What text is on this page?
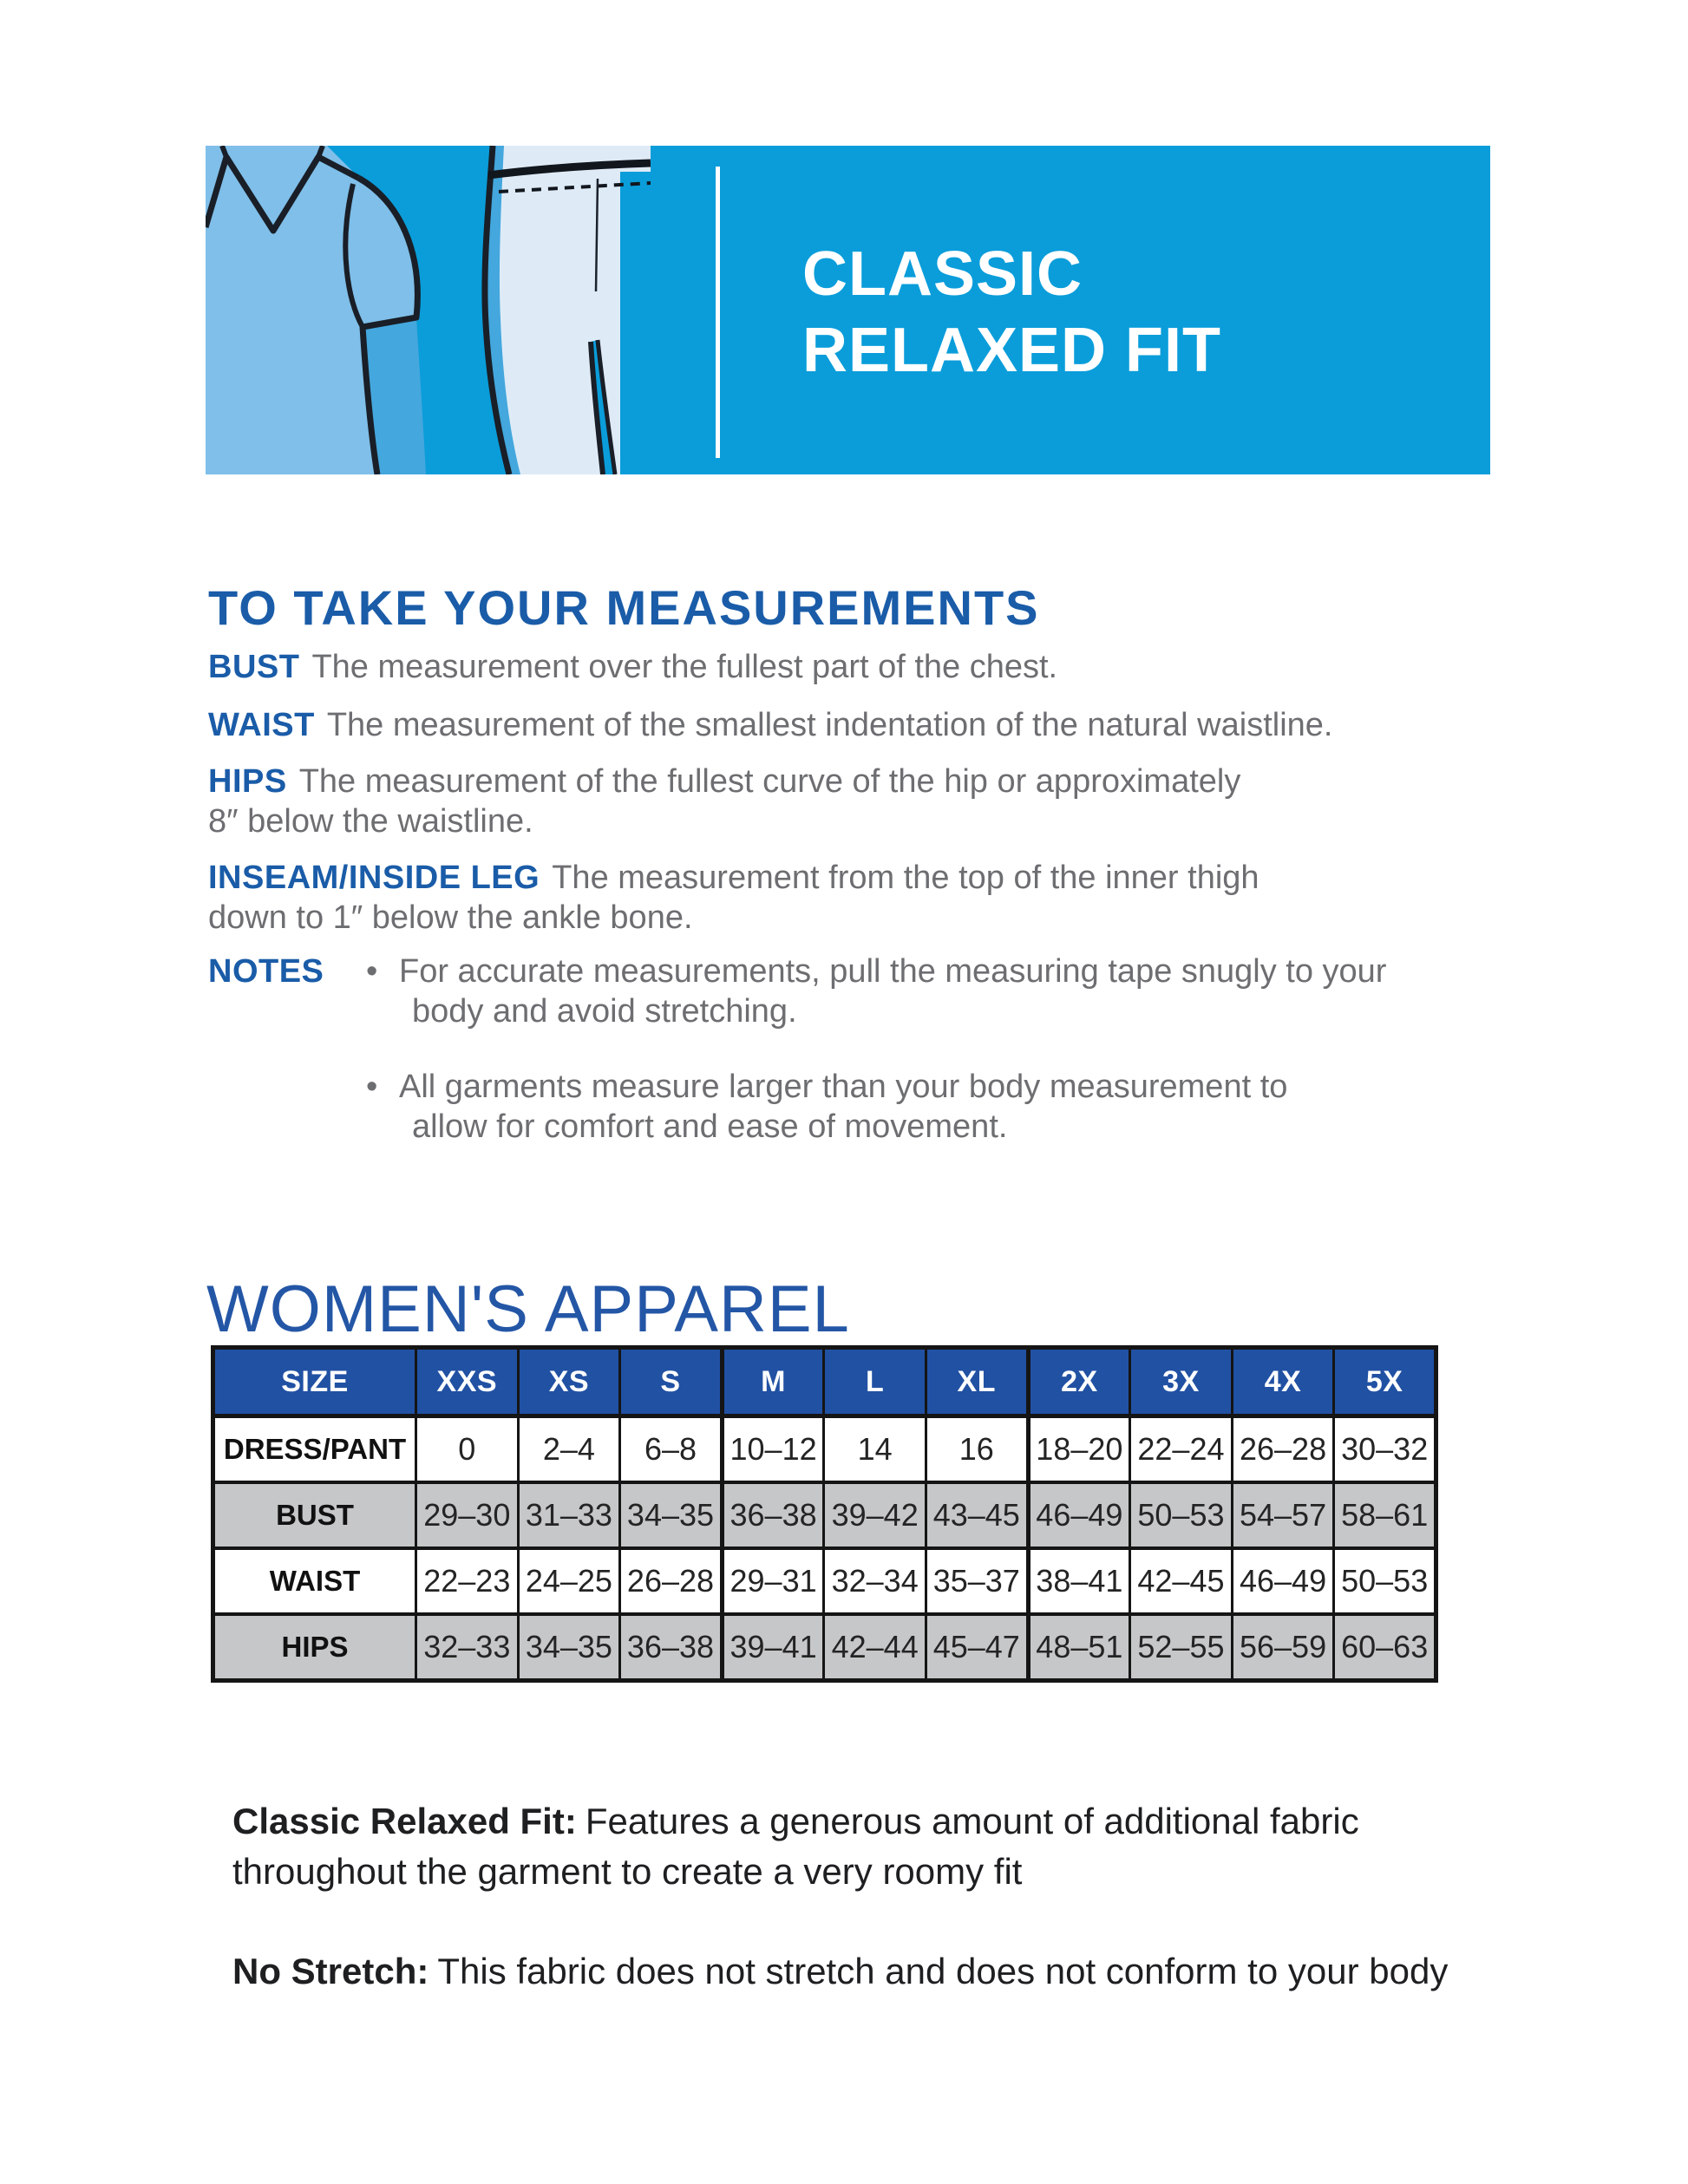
CLASSIC
RELAXED FIT
TO TAKE YOUR MEASUREMENTS
BUST The measurement over the fullest part of the chest.
WAIST The measurement of the smallest indentation of the natural waistline.
HIPS The measurement of the fullest curve of the hip or approximately
8″ below the waistline.
INSEAM/INSIDE LEG The measurement from the top of the inner thigh
down to 1″ below the ankle bone.
NOTES	• For accurate measurements, pull the measuring tape snugly to your
body and avoid stretching.
• All garments measure larger than your body measurement to
allow for comfort and ease of movement.
WOMEN'S APPAREL
SIZE	XXS	XS	S	M	L	XL	2X	3X	4X	5X
DRESS/PANT	0	2–4	6–8	10–12	14	16	18–20	22–24	26–28	30–32
BUST	29–30	31–33	34–35	36–38	39–42	43–45	46–49	50–53	54–57	58–61
WAIST	22–23	24–25	26–28	29–31	32–34	35–37	38–41	42–45	46–49	50–53
HIPS	32–33	34–35	36–38	39–41	42–44	45–47	48–51	52–55	56–59	60–63
Classic Relaxed Fit: Features a generous amount of additional fabric
throughout the garment to create a very roomy fit
No Stretch: This fabric does not stretch and does not conform to your body
